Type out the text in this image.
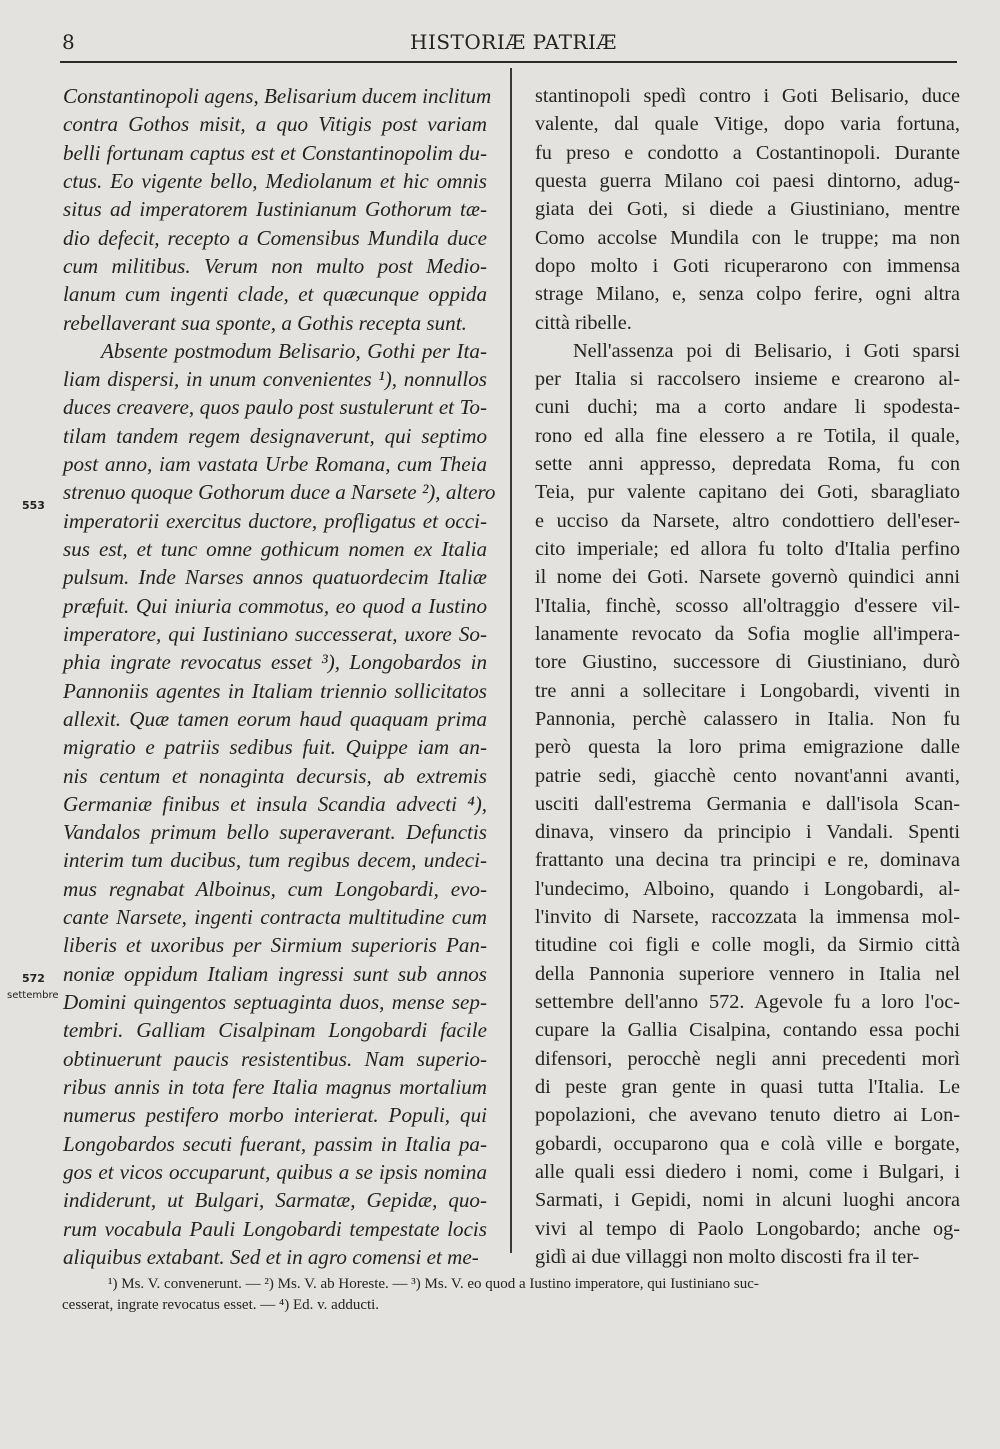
8	HISTORIÆ PATRIÆ
553
572
settembre
Constantinopoli agens, Belisarium ducem inclitum
contra Gothos misit, a quo Vitigis post variam
belli fortunam captus est et Constantinopolim du-
ctus. Eo vigente bello, Mediolanum et hic omnis
situs ad imperatorem Iustinianum Gothorum tæ-
dio defecit, recepto a Comensibus Mundila duce
cum militibus. Verum non multo post Medio-
lanum cum ingenti clade, et quæcunque oppida
rebellaverant sua sponte, a Gothis recepta sunt.
Absente postmodum Belisario, Gothi per Ita-
liam dispersi, in unum convenientes ¹), nonnullos
duces creavere, quos paulo post sustulerunt et To-
tilam tandem regem designaverunt, qui septimo
post anno, iam vastata Urbe Romana, cum Theia
strenuo quoque Gothorum duce a Narsete ²), altero
imperatorii exercitus ductore, profligatus et occi-
sus est, et tunc omne gothicum nomen ex Italia
pulsum. Inde Narses annos quatuordecim Italiæ
præfuit. Qui iniuria commotus, eo quod a Iustino
imperatore, qui Iustiniano successerat, uxore So-
phia ingrate revocatus esset ³), Longobardos in
Pannoniis agentes in Italiam triennio sollicitatos
allexit. Quæ tamen eorum haud quaquam prima
migratio e patriis sedibus fuit. Quippe iam an-
nis centum et nonaginta decursis, ab extremis
Germaniæ finibus et insula Scandia advecti ⁴),
Vandalos primum bello superaverant. Defunctis
interim tum ducibus, tum regibus decem, undeci-
mus regnabat Alboinus, cum Longobardi, evo-
cante Narsete, ingenti contracta multitudine cum
liberis et uxoribus per Sirmium superioris Pan-
noniæ oppidum Italiam ingressi sunt sub annos
Domini quingentos septuaginta duos, mense sep-
tembri. Galliam Cisalpinam Longobardi facile
obtinuerunt paucis resistentibus. Nam superio-
ribus annis in tota fere Italia magnus mortalium
numerus pestifero morbo interierat. Populi, qui
Longobardos secuti fuerant, passim in Italia pa-
gos et vicos occuparunt, quibus a se ipsis nomina
indiderunt, ut Bulgari, Sarmatæ, Gepidæ, quo-
rum vocabula Pauli Longobardi tempestate locis
aliquibus extabant. Sed et in agro comensi et me-
stantinopoli spedì contro i Goti Belisario, duce
valente, dal quale Vitige, dopo varia fortuna,
fu preso e condotto a Costantinopoli. Durante
questa guerra Milano coi paesi dintorno, adug-
giata dei Goti, si diede a Giustiniano, mentre
Como accolse Mundila con le truppe; ma non
dopo molto i Goti ricuperarono con immensa
strage Milano, e, senza colpo ferire, ogni altra
città ribelle.
Nell'assenza poi di Belisario, i Goti sparsi
per Italia si raccolsero insieme e crearono al-
cuni duchi; ma a corto andare li spodesta-
rono ed alla fine elessero a re Totila, il quale,
sette anni appresso, depredata Roma, fu con
Teia, pur valente capitano dei Goti, sbaragliato
e ucciso da Narsete, altro condottiero dell'eser-
cito imperiale; ed allora fu tolto d'Italia perfino
il nome dei Goti. Narsete governò quindici anni
l'Italia, finchè, scosso all'oltraggio d'essere vil-
lanamente revocato da Sofia moglie all'impera-
tore Giustino, successore di Giustiniano, durò
tre anni a sollecitare i Longobardi, viventi in
Pannonia, perchè calassero in Italia. Non fu
però questa la loro prima emigrazione dalle
patrie sedi, giacchè cento novant'anni avanti,
usciti dall'estrema Germania e dall'isola Scan-
dinava, vinsero da principio i Vandali. Spenti
frattanto una decina tra principi e re, dominava
l'undecimo, Alboino, quando i Longobardi, al-
l'invito di Narsete, raccozzata la immensa mol-
titudine coi figli e colle mogli, da Sirmio città
della Pannonia superiore vennero in Italia nel
settembre dell'anno 572. Agevole fu a loro l'oc-
cupare la Gallia Cisalpina, contando essa pochi
difensori, perocchè negli anni precedenti morì
di peste gran gente in quasi tutta l'Italia. Le
popolazioni, che avevano tenuto dietro ai Lon-
gobardi, occuparono qua e colà ville e borgate,
alle quali essi diedero i nomi, come i Bulgari, i
Sarmati, i Gepidi, nomi in alcuni luoghi ancora
vivi al tempo di Paolo Longobardo; anche og-
gidì ai due villaggi non molto discosti fra il ter-
¹) Ms. V. convenerunt. — ²) Ms. V. ab Horeste. — ³) Ms. V. eo quod a Iustino imperatore, qui Iustiniano suc-
cesserat, ingrate revocatus esset. — ⁴) Ed. v. adducti.
